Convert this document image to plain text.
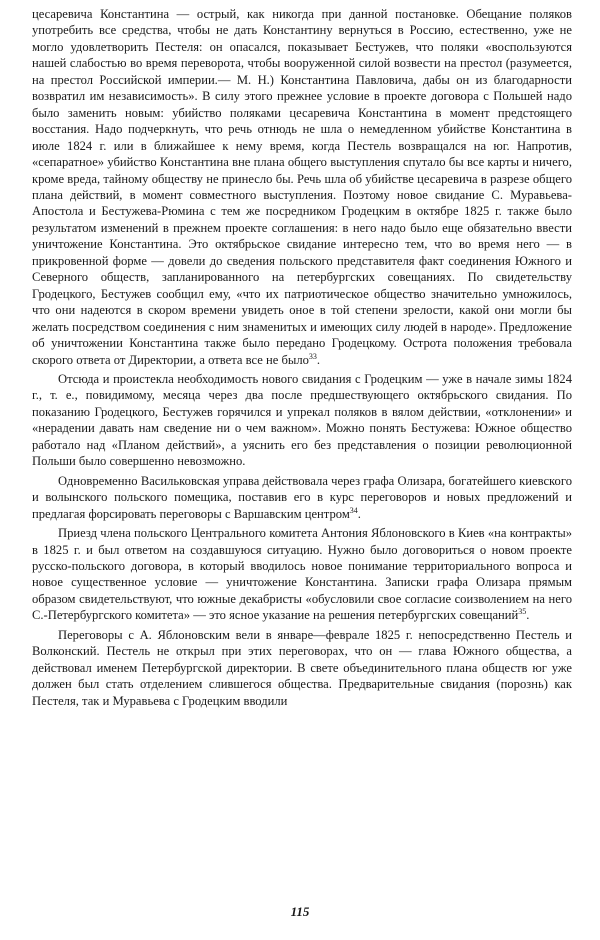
цесаревича Константина — острый, как никогда при данной постановке. Обещание поляков употребить все средства, чтобы не дать Константину вернуться в Россию, естественно, уже не могло удовлетворить Пестеля: он опасался, показывает Бестужев, что поляки «воспользуются нашей слабостью во время переворота, чтобы вооруженной силой возвести на престол (разумеется, на престол Российской империи.— М. Н.) Константина Павловича, дабы он из благодарности возвратил им независимость». В силу этого прежнее условие в проекте договора с Польшей надо было заменить новым: убийство поляками цесаревича Константина в момент предстоящего восстания. Надо подчеркнуть, что речь отнюдь не шла о немедленном убийстве Константина в июле 1824 г. или в ближайшее к нему время, когда Пестель возвращался на юг. Напротив, «сепаратное» убийство Константина вне плана общего выступления спутало бы все карты и ничего, кроме вреда, тайному обществу не принесло бы. Речь шла об убийстве цесаревича в разрезе общего плана действий, в момент совместного выступления. Поэтому новое свидание С. Муравьева-Апостола и Бестужева-Рюмина с тем же посредником Гродецким в октябре 1825 г. также было результатом изменений в прежнем проекте соглашения: в него надо было еще обязательно ввести уничтожение Константина. Это октябрьское свидание интересно тем, что во время него — в прикровенной форме — довели до сведения польского представителя факт соединения Южного и Северного обществ, запланированного на петербургских совещаниях. По свидетельству Гродецкого, Бестужев сообщил ему, «что их патриотическое общество значительно умножилось, что они надеются в скором времени увидеть оное в той степени зрелости, какой они могли бы желать посредством соединения с ним знаменитых и имеющих силу людей в народе». Предложение об уничтожении Константина также было передано Гродецкому. Острота положения требовала скорого ответа от Директории, а ответа все не было$^{33}$.

Отсюда и проистекла необходимость нового свидания с Гродецким — уже в начале зимы 1824 г., т. е., повидимому, месяца через два после предшествующего октябрьского свидания. По показанию Гродецкого, Бестужев горячился и упрекал поляков в вялом действии, «отклонении» и «нерадении давать нам сведение ни о чем важном». Можно понять Бестужева: Южное общество работало над «Планом действий», а уяснить его без представления о позиции революционной Польши было совершенно невозможно.

Одновременно Васильковская управа действовала через графа Олизара, богатейшего киевского и волынского польского помещика, поставив его в курс переговоров и новых предложений и предлагая форсировать переговоры с Варшавским центром$^{34}$.

Приезд члена польского Центрального комитета Антония Яблоновского в Киев «на контракты» в 1825 г. и был ответом на создавшуюся ситуацию. Нужно было договориться о новом проекте русско-польского договора, в который вводилось новое понимание территориального вопроса и новое существенное условие — уничтожение Константина. Записки графа Олизара прямым образом свидетельствуют, что южные декабристы «обусловили свое согласие соизволением на него С.-Петербургского комитета» — это ясное указание на решения петербургских совещаний$^{35}$.

Переговоры с А. Яблоновским вели в январе—феврале 1825 г. непосредственно Пестель и Волконский. Пестель не открыл при этих переговорах, что он — глава Южного общества, а действовал именем Петербургской директории. В свете объединительного плана обществ юг уже должен был стать отделением слившегося общества. Предварительные свидания (порознь) как Пестеля, так и Муравьева с Гродецким вводили

115
